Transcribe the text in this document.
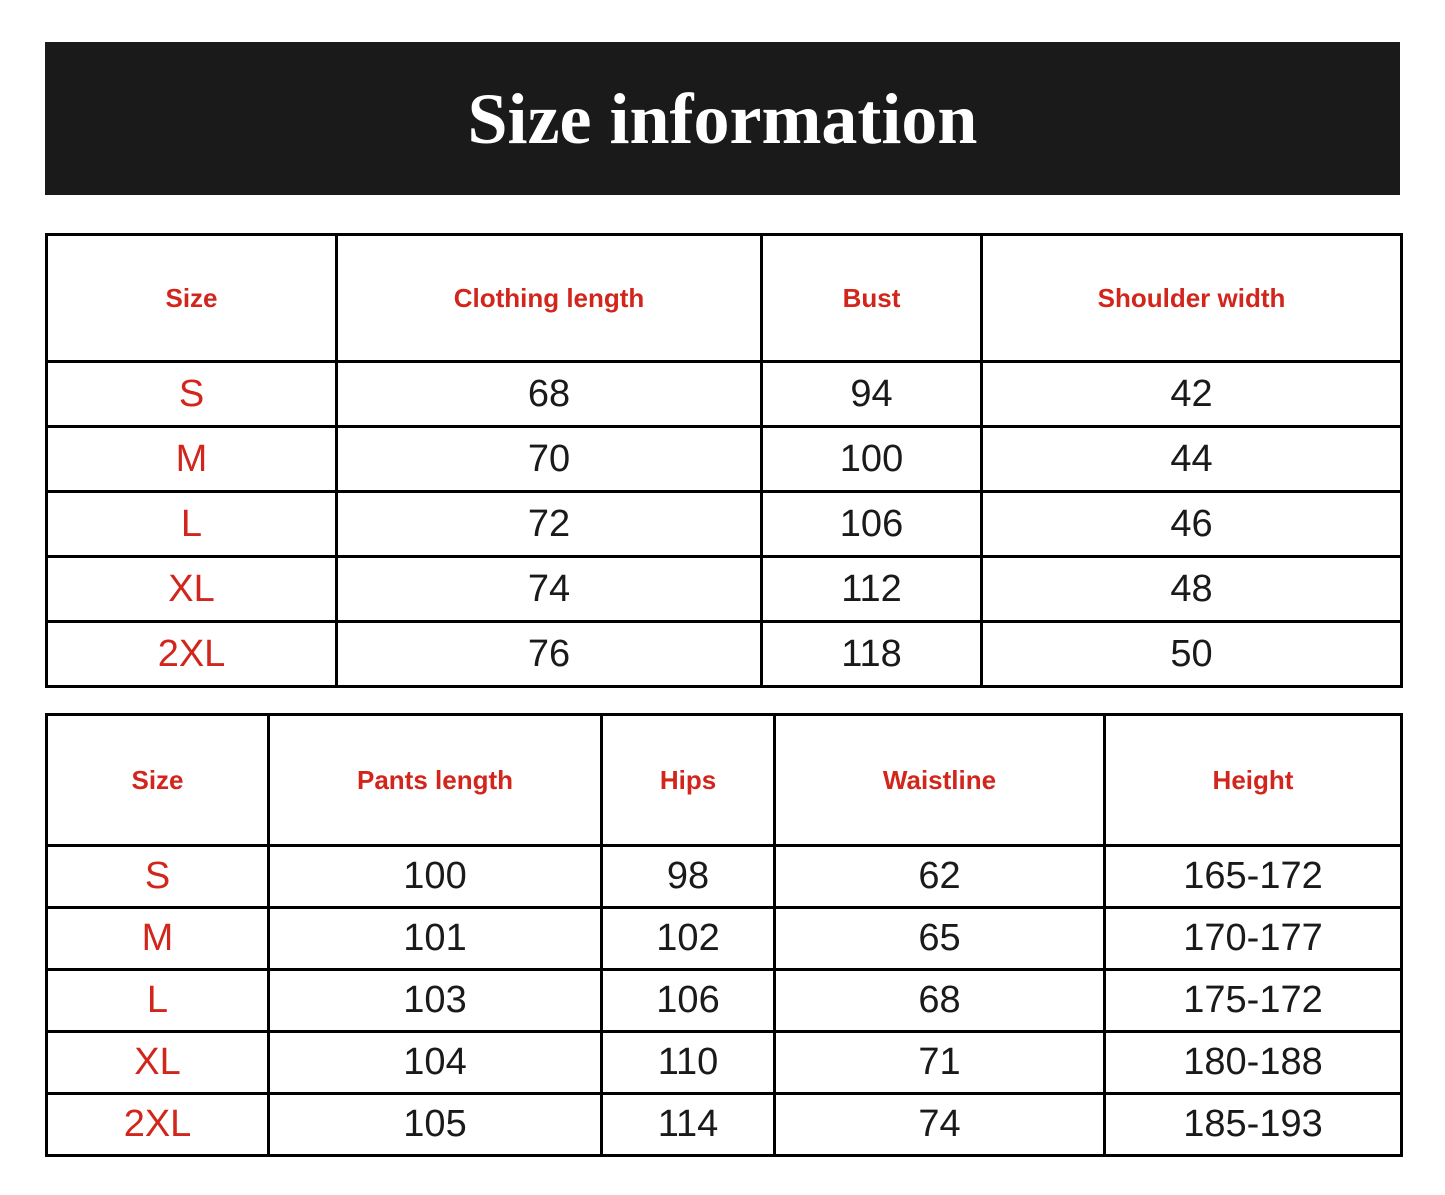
Size information
Size	Clothing length	Bust	Shoulder width
S	68	94	42
M	70	100	44
L	72	106	46
XL	74	112	48
2XL	76	118	50
Size	Pants length	Hips	Waistline	Height
S	100	98	62	165-172
M	101	102	65	170-177
L	103	106	68	175-172
XL	104	110	71	180-188
2XL	105	114	74	185-193
